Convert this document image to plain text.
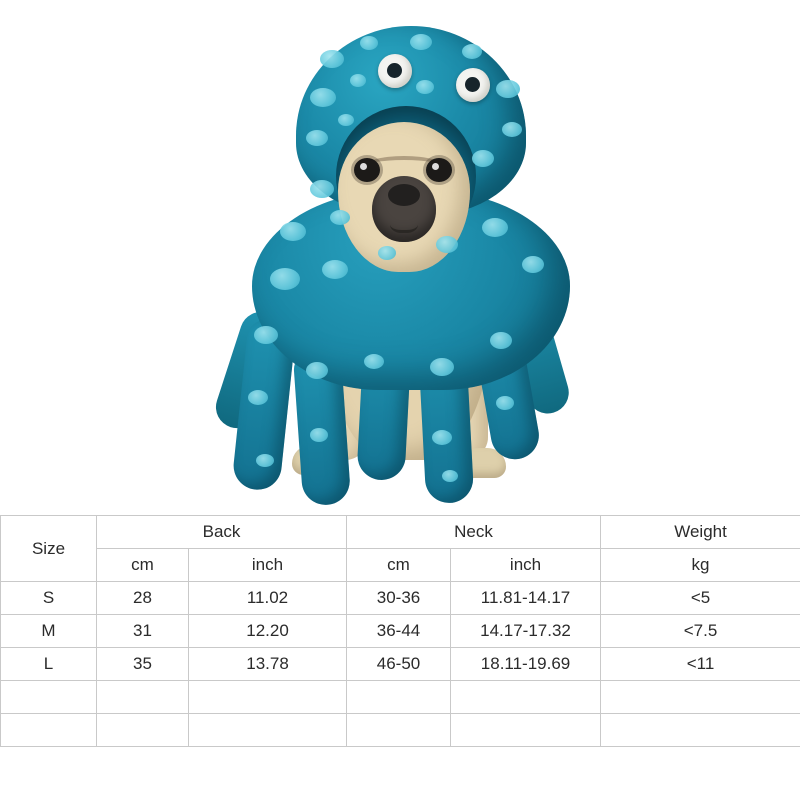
Size	Back		Neck		Weight
	cm	inch	cm	inch	kg
S	28	11.02	30-36	11.81-14.17	<5
M	31	12.20	36-44	14.17-17.32	<7.5
L	35	13.78	46-50	18.11-19.69	<11
